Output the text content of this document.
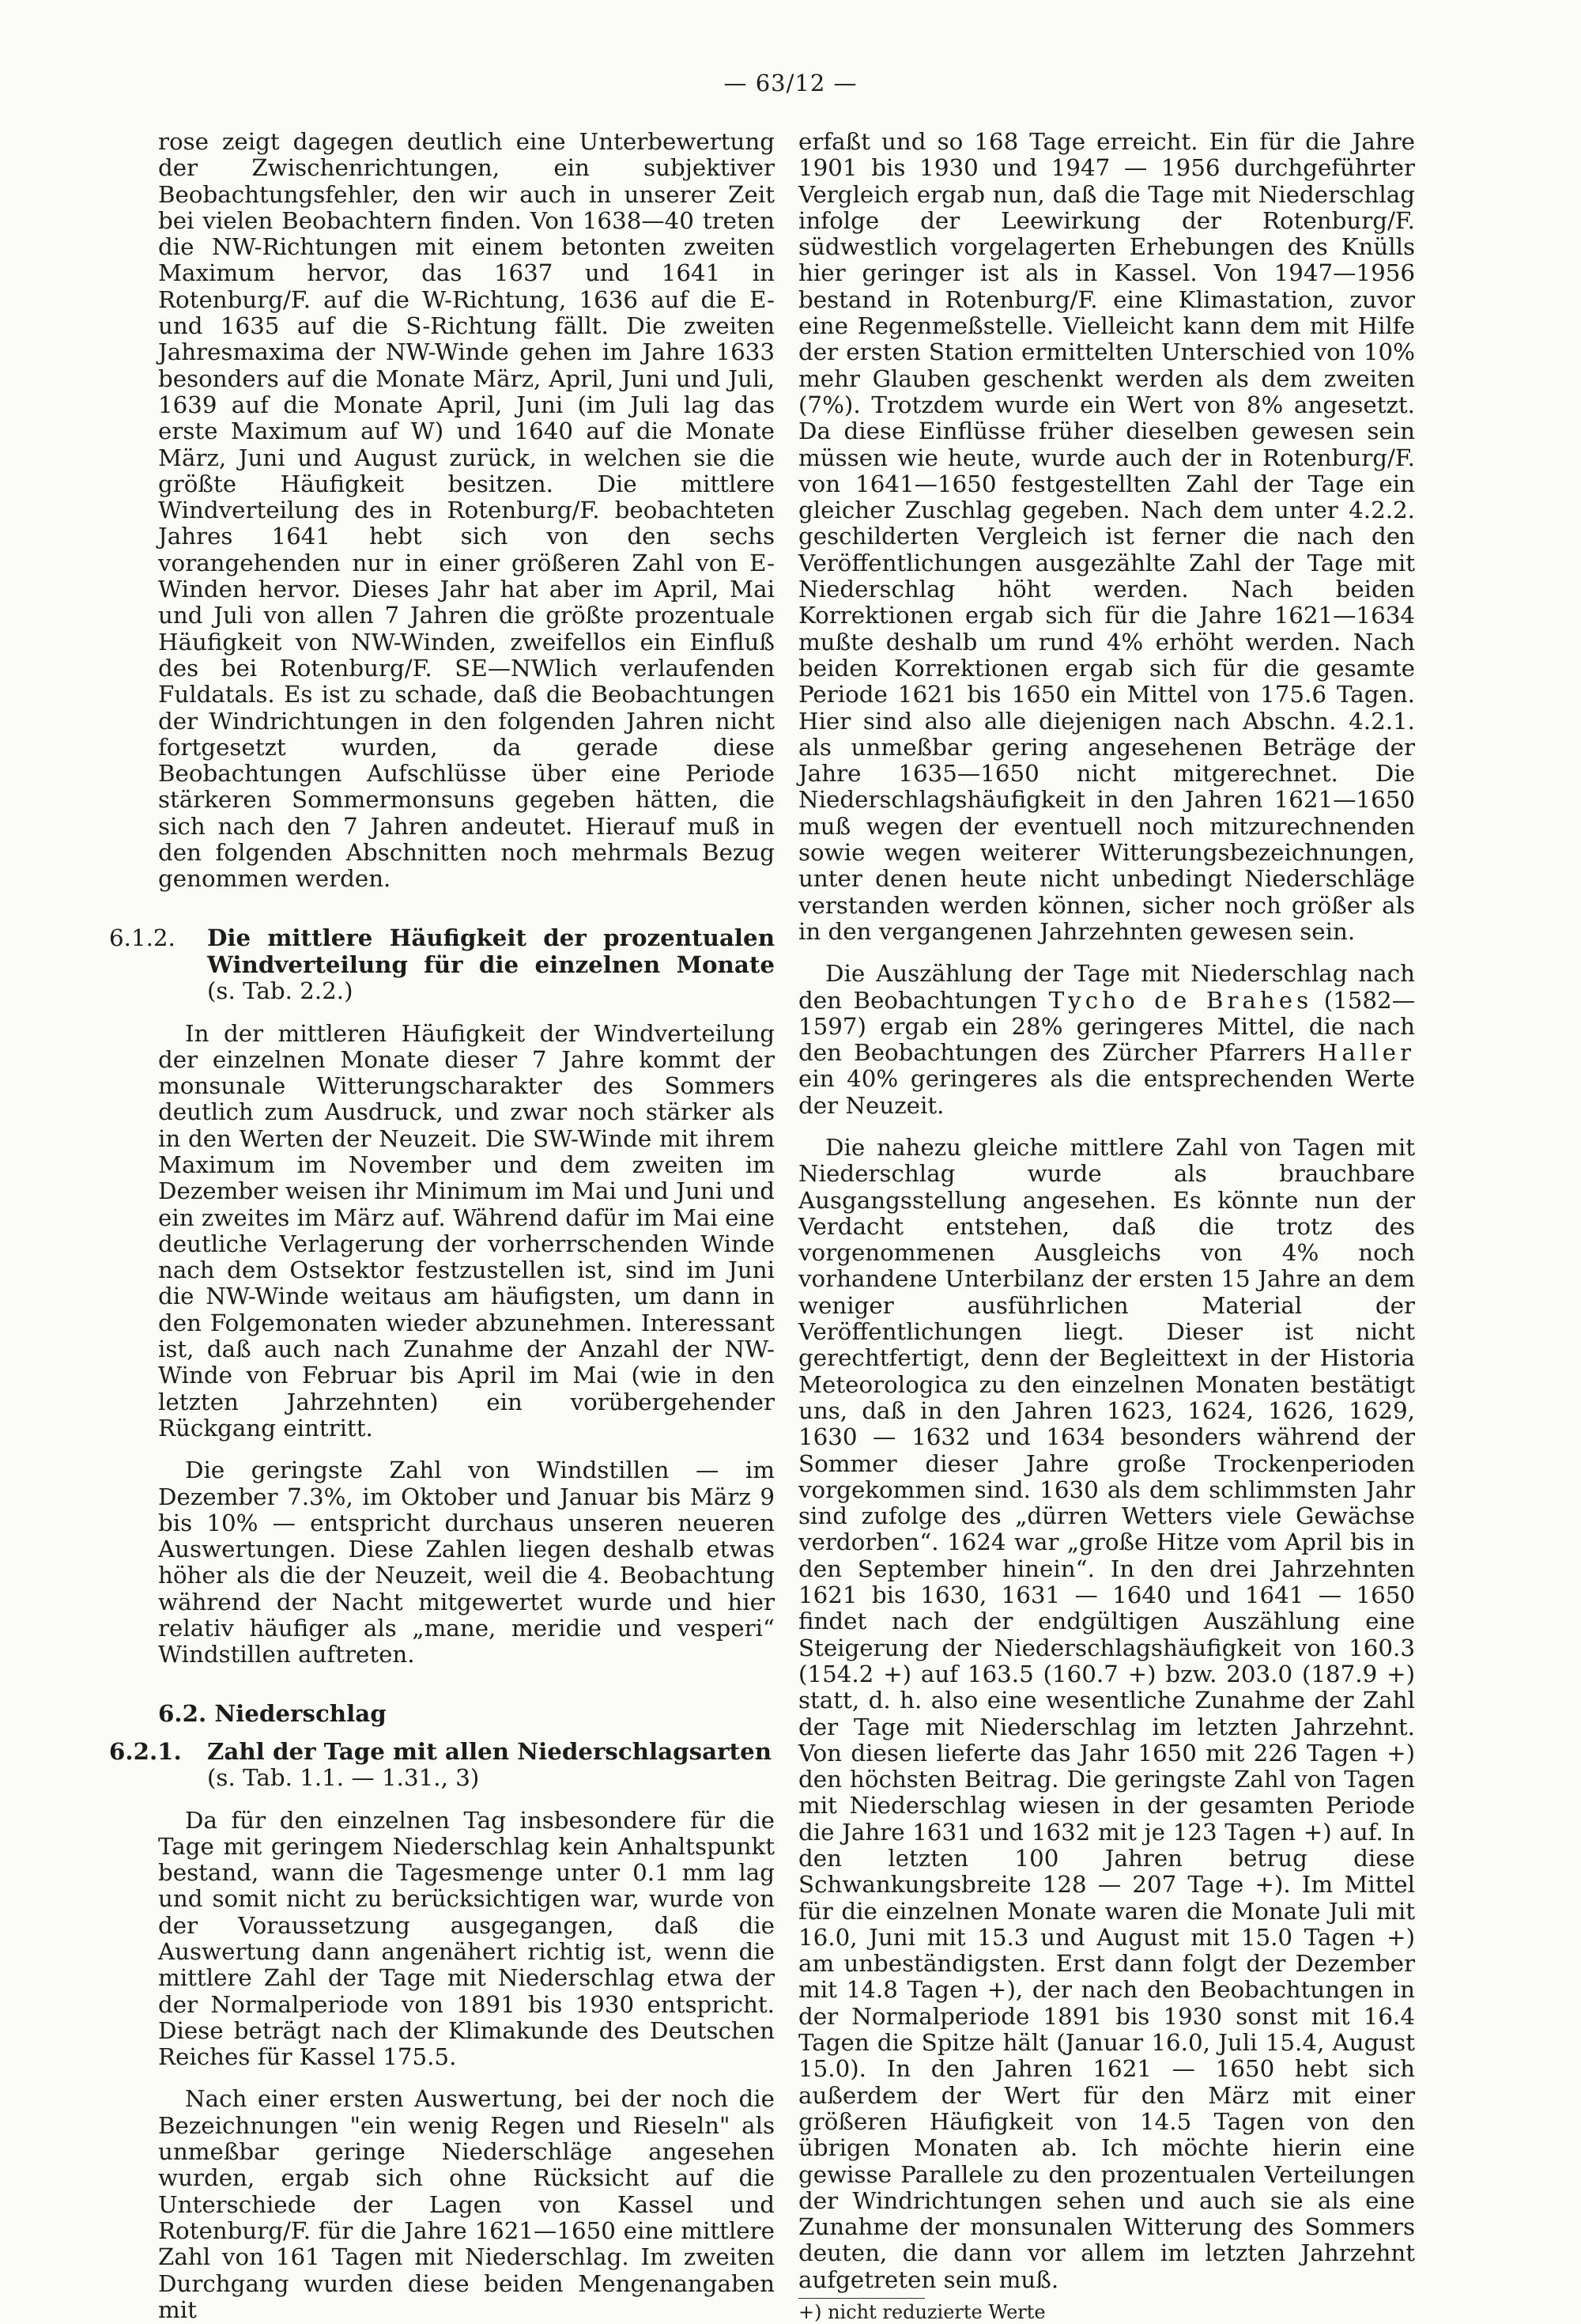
— 63/12 —

rose zeigt dagegen deutlich eine Unterbewertung der Zwischenrichtungen, ein subjektiver Beobachtungsfehler, den wir auch in unserer Zeit bei vielen Beobachtern finden. Von 1638—40 treten die NW-Richtungen mit einem betonten zweiten Maximum hervor, das 1637 und 1641 in Rotenburg/F. auf die W-Richtung, 1636 auf die E- und 1635 auf die S-Richtung fällt. Die zweiten Jahresmaxima der NW-Winde gehen im Jahre 1633 besonders auf die Monate März, April, Juni und Juli, 1639 auf die Monate April, Juni (im Juli lag das erste Maximum auf W) und 1640 auf die Monate März, Juni und August zurück, in welchen sie die größte Häufigkeit besitzen. Die mittlere Windverteilung des in Rotenburg/F. beobachteten Jahres 1641 hebt sich von den sechs vorangehenden nur in einer größeren Zahl von E-Winden hervor. Dieses Jahr hat aber im April, Mai und Juli von allen 7 Jahren die größte prozentuale Häufigkeit von NW-Winden, zweifellos ein Einfluß des bei Rotenburg/F. SE—NWlich verlaufenden Fuldatals. Es ist zu schade, daß die Beobachtungen der Windrichtungen in den folgenden Jahren nicht fortgesetzt wurden, da gerade diese Beobachtungen Aufschlüsse über eine Periode stärkeren Sommermonsuns gegeben hätten, die sich nach den 7 Jahren andeutet. Hierauf muß in den folgenden Abschnitten noch mehrmals Bezug genommen werden.

6.1.2. Die mittlere Häufigkeit der prozentualen Windverteilung für die einzelnen Monate (s. Tab. 2.2.)

In der mittleren Häufigkeit der Windverteilung der einzelnen Monate dieser 7 Jahre kommt der monsunale Witterungscharakter des Sommers deutlich zum Ausdruck, und zwar noch stärker als in den Werten der Neuzeit. Die SW-Winde mit ihrem Maximum im November und dem zweiten im Dezember weisen ihr Minimum im Mai und Juni und ein zweites im März auf. Während dafür im Mai eine deutliche Verlagerung der vorherrschenden Winde nach dem Ostsektor festzustellen ist, sind im Juni die NW-Winde weitaus am häufigsten, um dann in den Folgemonaten wieder abzunehmen. Interessant ist, daß auch nach Zunahme der Anzahl der NW-Winde von Februar bis April im Mai (wie in den letzten Jahrzehnten) ein vorübergehender Rückgang eintritt.

Die geringste Zahl von Windstillen — im Dezember 7.3%, im Oktober und Januar bis März 9 bis 10% — entspricht durchaus unseren neueren Auswertungen. Diese Zahlen liegen deshalb etwas höher als die der Neuzeit, weil die 4. Beobachtung während der Nacht mitgewertet wurde und hier relativ häufiger als „mane, meridie und vesperi“ Windstillen auftreten.

6.2. Niederschlag

6.2.1. Zahl der Tage mit allen Niederschlagsarten
(s. Tab. 1.1. — 1.31., 3)

Da für den einzelnen Tag insbesondere für die Tage mit geringem Niederschlag kein Anhaltspunkt bestand, wann die Tagesmenge unter 0.1 mm lag und somit nicht zu berücksichtigen war, wurde von der Voraussetzung ausgegangen, daß die Auswertung dann angenähert richtig ist, wenn die mittlere Zahl der Tage mit Niederschlag etwa der der Normalperiode von 1891 bis 1930 entspricht. Diese beträgt nach der Klimakunde des Deutschen Reiches für Kassel 175.5.

Nach einer ersten Auswertung, bei der noch die Bezeichnungen "ein wenig Regen und Rieseln" als unmeßbar geringe Niederschläge angesehen wurden, ergab sich ohne Rücksicht auf die Unterschiede der Lagen von Kassel und Rotenburg/F. für die Jahre 1621—1650 eine mittlere Zahl von 161 Tagen mit Niederschlag. Im zweiten Durchgang wurden diese beiden Mengenangaben mit

erfaßt und so 168 Tage erreicht. Ein für die Jahre 1901 bis 1930 und 1947 — 1956 durchgeführter Vergleich ergab nun, daß die Tage mit Niederschlag infolge der Leewirkung der Rotenburg/F. südwestlich vorgelagerten Erhebungen des Knülls hier geringer ist als in Kassel. Von 1947—1956 bestand in Rotenburg/F. eine Klimastation, zuvor eine Regenmeßstelle. Vielleicht kann dem mit Hilfe der ersten Station ermittelten Unterschied von 10% mehr Glauben geschenkt werden als dem zweiten (7%). Trotzdem wurde ein Wert von 8% angesetzt. Da diese Einflüsse früher dieselben gewesen sein müssen wie heute, wurde auch der in Rotenburg/F. von 1641—1650 festgestellten Zahl der Tage ein gleicher Zuschlag gegeben. Nach dem unter 4.2.2. geschilderten Vergleich ist ferner die nach den Veröffentlichungen ausgezählte Zahl der Tage mit Niederschlag höht werden. Nach beiden Korrektionen ergab sich für die Jahre 1621—1634 mußte deshalb um rund 4% erhöht werden. Nach beiden Korrektionen ergab sich für die gesamte Periode 1621 bis 1650 ein Mittel von 175.6 Tagen. Hier sind also alle diejenigen nach Abschn. 4.2.1. als unmeßbar gering angesehenen Beträge der Jahre 1635—1650 nicht mitgerechnet. Die Niederschlagshäufigkeit in den Jahren 1621—1650 muß wegen der eventuell noch mitzurechnenden sowie wegen weiterer Witterungsbezeichnungen, unter denen heute nicht unbedingt Niederschläge verstanden werden können, sicher noch größer als in den vergangenen Jahrzehnten gewesen sein.

Die Auszählung der Tage mit Niederschlag nach den Beobachtungen Tycho de Brahes (1582—1597) ergab ein 28% geringeres Mittel, die nach den Beobachtungen des Zürcher Pfarrers Haller ein 40% geringeres als die entsprechenden Werte der Neuzeit.

Die nahezu gleiche mittlere Zahl von Tagen mit Niederschlag wurde als brauchbare Ausgangsstellung angesehen. Es könnte nun der Verdacht entstehen, daß die trotz des vorgenommenen Ausgleichs von 4% noch vorhandene Unterbilanz der ersten 15 Jahre an dem weniger ausführlichen Material der Veröffentlichungen liegt. Dieser ist nicht gerechtfertigt, denn der Begleittext in der Historia Meteorologica zu den einzelnen Monaten bestätigt uns, daß in den Jahren 1623, 1624, 1626, 1629, 1630 — 1632 und 1634 besonders während der Sommer dieser Jahre große Trockenperioden vorgekommen sind. 1630 als dem schlimmsten Jahr sind zufolge des „dürren Wetters viele Gewächse verdorben“. 1624 war „große Hitze vom April bis in den September hinein“. In den drei Jahrzehnten 1621 bis 1630, 1631 — 1640 und 1641 — 1650 findet nach der endgültigen Auszählung eine Steigerung der Niederschlagshäufigkeit von 160.3 (154.2 +) auf 163.5 (160.7 +) bzw. 203.0 (187.9 +) statt, d. h. also eine wesentliche Zunahme der Zahl der Tage mit Niederschlag im letzten Jahrzehnt. Von diesen lieferte das Jahr 1650 mit 226 Tagen +) den höchsten Beitrag. Die geringste Zahl von Tagen mit Niederschlag wiesen in der gesamten Periode die Jahre 1631 und 1632 mit je 123 Tagen +) auf. In den letzten 100 Jahren betrug diese Schwankungsbreite 128 — 207 Tage +). Im Mittel für die einzelnen Monate waren die Monate Juli mit 16.0, Juni mit 15.3 und August mit 15.0 Tagen +) am unbeständigsten. Erst dann folgt der Dezember mit 14.8 Tagen +), der nach den Beobachtungen in der Normalperiode 1891 bis 1930 sonst mit 16.4 Tagen die Spitze hält (Januar 16.0, Juli 15.4, August 15.0). In den Jahren 1621 — 1650 hebt sich außerdem der Wert für den März mit einer größeren Häufigkeit von 14.5 Tagen von den übrigen Monaten ab. Ich möchte hierin eine gewisse Parallele zu den prozentualen Verteilungen der Windrichtungen sehen und auch sie als eine Zunahme der monsunalen Witterung des Sommers deuten, die dann vor allem im letzten Jahrzehnt aufgetreten sein muß.

+) nicht reduzierte Werte
